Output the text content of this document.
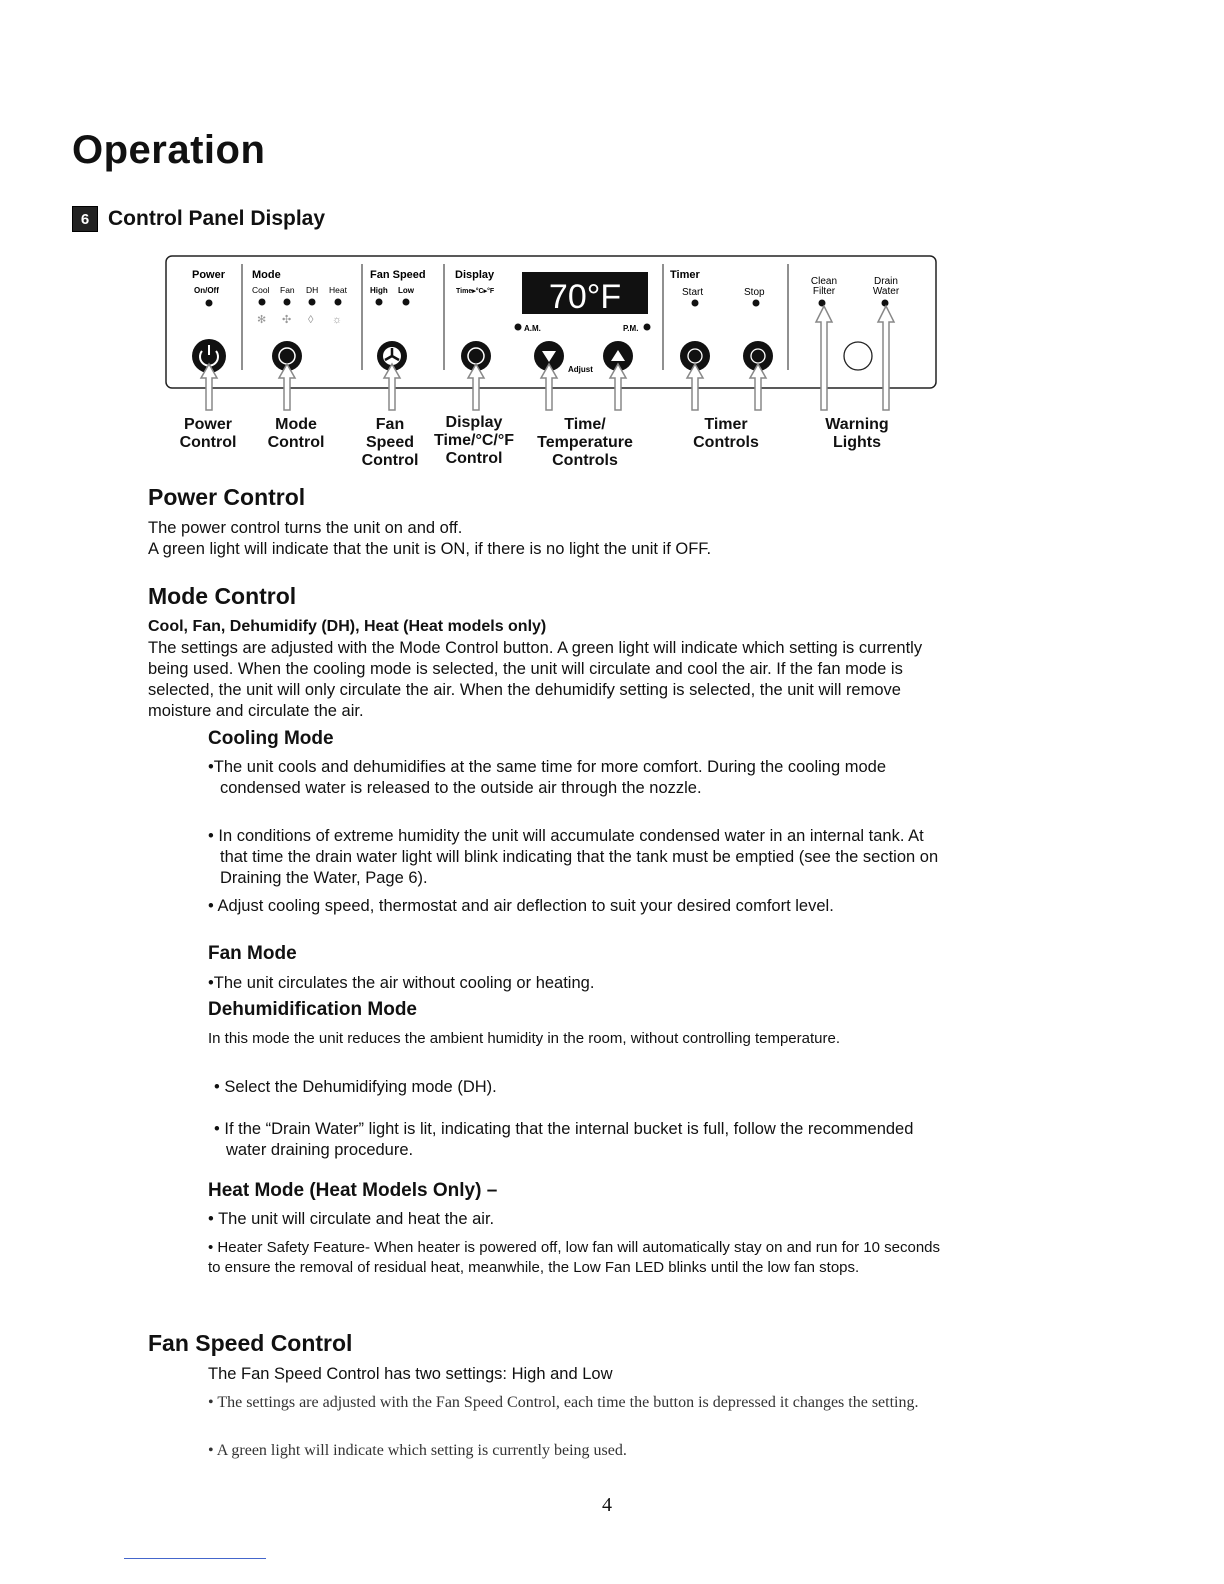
Operation
6 Control Panel Display
Power
On/Off
Mode
Cool Fan DH Heat
✻ ✣ ◊ ☼
Fan Speed
High Low
Display
Time▸°C▸°F 70°F
A.M.	P.M.
Adjust
Timer
Start	Stop
Clean
Filter
Drain
Water
Power
Control
Mode
Control
Fan
Speed
Control
Display
Time/°C/°F
Control
Time/
Temperature
Controls
Timer
Controls
Warning
Lights
Power Control
The power control turns the unit on and off.
A green light will indicate that the unit is ON, if there is no light the unit if OFF.
Mode Control
Cool, Fan, Dehumidify (DH), Heat (Heat models only)
The settings are adjusted with the Mode Control button. A green light will indicate which setting is currently being used. When the cooling mode is selected, the unit will circulate and cool the air. If the fan mode is selected, the unit will only circulate the air. When the dehumidify setting is selected, the unit will remove moisture and circulate the air.
Cooling Mode
•The unit cools and dehumidifies at the same time for more comfort. During the cooling mode condensed water is released to the outside air through the nozzle.
• In conditions of extreme humidity the unit will accumulate condensed water in an internal tank. At that time the drain water light will blink indicating that the tank must be emptied (see the section on Draining the Water, Page 6).
• Adjust cooling speed, thermostat and air deflection to suit your desired comfort level.
Fan Mode
•The unit circulates the air without cooling or heating.
Dehumidification Mode
In this mode the unit reduces the ambient humidity in the room, without controlling temperature.
• Select the Dehumidifying mode (DH).
• If the “Drain Water” light is lit, indicating that the internal bucket is full, follow the recommended water draining procedure.
Heat Mode (Heat Models Only) –
• The unit will circulate and heat the air.
• Heater Safety Feature- When heater is powered off, low fan will automatically stay on and run for 10 seconds to ensure the removal of residual heat, meanwhile, the Low Fan LED blinks until the low fan stops.
Fan Speed Control
The Fan Speed Control has two settings: High and Low
• The settings are adjusted with the Fan Speed Control, each time the button is depressed it changes the setting.
• A green light will indicate which setting is currently being used.
4
